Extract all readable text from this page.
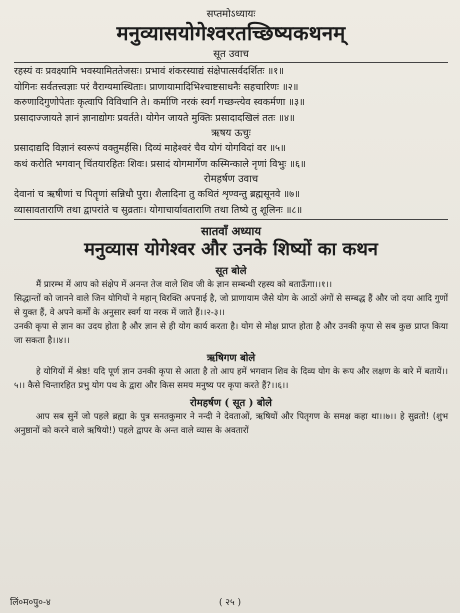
सप्तमोऽध्यायः
मनुव्यासयोगेश्वरतच्छिष्यकथनम्
सूत उवाच
रहस्यं वः प्रवक्ष्यामि भवस्यामिततेजसः। प्रभावं शंकरस्याद्यं संक्षेपात्सर्वदर्शितः ॥१॥
योगिनः सर्वतत्त्वज्ञाः परं वैराग्यमास्थिताः। प्राणायामादिभिश्चाष्टसाधनैः सहचारिणः ॥२॥
करुणादिगुणोपेताः कृत्वापि विविधानि ते। कर्माणि नरकं स्वर्गं गच्छन्त्येव स्वकर्मणा ॥३॥
प्रसादाज्जायते ज्ञानं ज्ञानाद्योगः प्रवर्तते। योगेन जायते मुक्तिः प्रसादादखिलं ततः ॥४॥
ऋषय ऊचुः
प्रसादाद्यदि विज्ञानं स्वरूपं वक्तुमर्हसि। दिव्यं माहेश्वरं चैव योगं योगविदां वर ॥५॥
कथं करोति भगवान् चिंतयारहितः शिवः। प्रसादं योगमार्गेण कस्मिन्काले नृणां विभुः ॥६॥
रोमहर्षण उवाच
देवानां च ऋषीणां च पितॄणां सन्निधौ पुरा। शैलादिना तु कथितं शृण्वन्तु ब्रह्मसूनवे ॥७॥
व्यासावताराणि तथा द्वापरांते च सुव्रताः। योगाचार्यावताराणि तथा तिष्ये तु शूलिनः ॥८॥
सातवाँ अध्याय
मनुव्यास योगेश्वर और उनके शिष्यों का कथन
सूत बोले

मैं प्रारम्भ में आप को संक्षेप में अनन्त तेज वाले शिव जी के ज्ञान सम्बन्धी रहस्य को बताऊँगा।।१।।

सिद्धान्तों को जानने वाले जिन योगियों ने महान् विरक्ति अपनाई है, जो प्राणायाम जैसे योग के आठों अंगों से सम्बद्ध हैं और जो दया आदि गुणों से युक्त हैं, वे अपने कर्मों के अनुसार स्वर्ग या नरक में जाते हैं।।२-३।।

उनकी कृपा से ज्ञान का उदय होता है और ज्ञान से ही योग कार्य करता है। योग से मोक्ष प्राप्त होता है और उनकी कृपा से सब कुछ प्राप्त किया जा सकता है।।४।।

ऋषिगण बोले

हे योगियों में श्रेष्ठ! यदि पूर्ण ज्ञान उनकी कृपा से आता है तो आप हमें भगवान शिव के दिव्य योग के रूप और लक्षण के बारे में बतायें।।५।। कैसे चिन्तारहित प्रभु योग पथ के द्वारा और किस समय मनुष्य पर कृपा करते हैं?।।६।।

रोमहर्षण ( सूत ) बोले

आप सब सुनें जो पहले ब्रह्मा के पुत्र सनतकुमार ने नन्दी ने देवताओं, ऋषियों और पितृगण के समक्ष कहा था।।७।। हे सुव्रतो! (शुभ अनुष्ठानों को करने वाले ऋषियो!) पहले द्वापर के अन्त वाले व्यास के अवतारों

लिं०म०पु०-४	( २५ )
